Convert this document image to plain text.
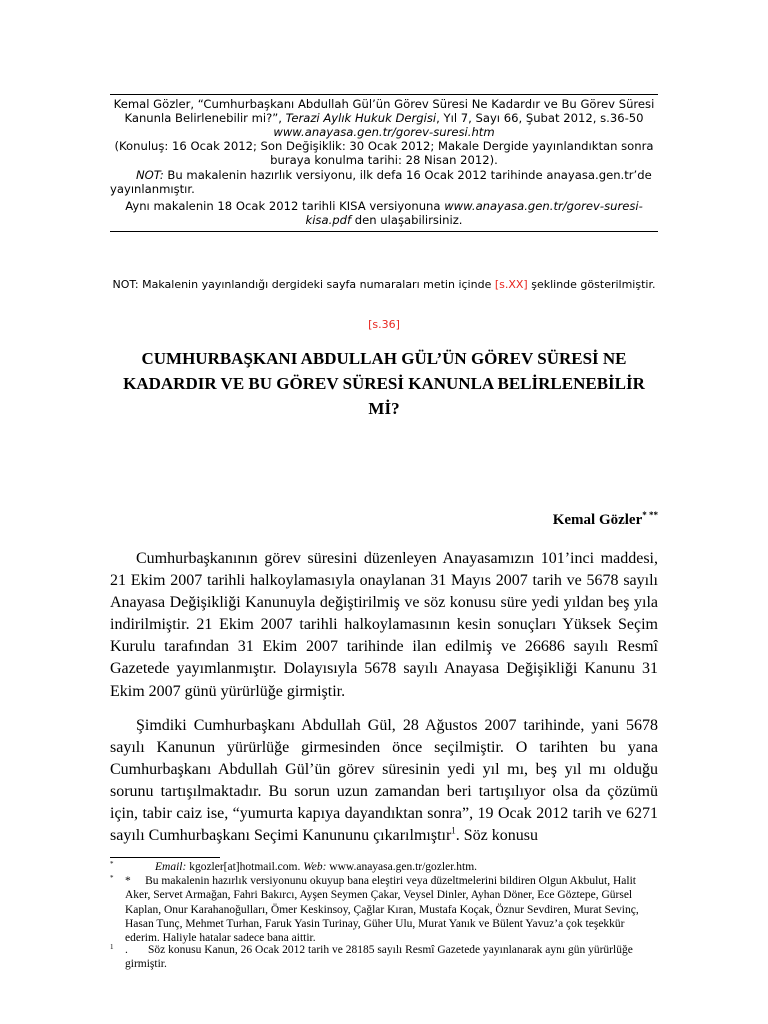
Kemal Gözler, “Cumhurbaşkanı Abdullah Gül’ün Görev Süresi Ne Kadardır ve Bu Görev Süresi Kanunla Belirlenebilir mi?”, Terazi Aylık Hukuk Dergisi, Yıl 7, Sayı 66, Şubat 2012, s.36-50 www.anayasa.gen.tr/gorev-suresi.htm

(Konuluş: 16 Ocak 2012; Son Değişiklik: 30 Ocak 2012; Makale Dergide yayınlandıktan sonra buraya konulma tarihi: 28 Nisan 2012).

NOT: Bu makalenin hazırlık versiyonu, ilk defa 16 Ocak 2012 tarihinde anayasa.gen.tr’de yayınlanmıştır.

Aynı makalenin 18 Ocak 2012 tarihli KISA versiyonuna www.anayasa.gen.tr/gorev-suresi-kisa.pdf den ulaşabilirsiniz.

NOT: Makalenin yayınlandığı dergideki sayfa numaraları metin içinde [s.XX] şeklinde gösterilmiştir.
[s.36]
CUMHURBAŞKANI ABDULLAH GÜL’ÜN GÖREV SÜRESİ NE KADARDIR VE BU GÖREV SÜRESİ KANUNLA BELİRLENEBİLİR Mİ?
Kemal Gözler* **

Cumhurbaşkanının görev süresini düzenleyen Anayasamızın 101’inci maddesi, 21 Ekim 2007 tarihli halkoylamasıyla onaylanan 31 Mayıs 2007 tarih ve 5678 sayılı Anayasa Değişikliği Kanunuyla değiştirilmiş ve söz konusu süre yedi yıldan beş yıla indirilmiştir. 21 Ekim 2007 tarihli halkoylamasının kesin sonuçları Yüksek Seçim Kurulu tarafından 31 Ekim 2007 tarihinde ilan edilmiş ve 26686 sayılı Resmî Gazetede yayımlanmıştır. Dolayısıyla 5678 sayılı Anayasa Değişikliği Kanunu 31 Ekim 2007 günü yürürlüğe girmiştir.

Şimdiki Cumhurbaşkanı Abdullah Gül, 28 Ağustos 2007 tarihinde, yani 5678 sayılı Kanunun yürürlüğe girmesinden önce seçilmiştir. O tarihten bu yana Cumhurbaşkanı Abdullah Gül’ün görev süresinin yedi yıl mı, beş yıl mı olduğu sorunu tartışılmaktadır. Bu sorun uzun zamandan beri tartışılıyor olsa da çözümü için, tabir caiz ise, “yumurta kapıya dayandıktan sonra”, 19 Ocak 2012 tarih ve 6271 sayılı Cumhurbaşkanı Seçimi Kanununu çıkarılmıştır$^1$. Söz konusu

*	Email: kgozler[at]hotmail.com. Web: www.anayasa.gen.tr/gozler.htm.
*	* Bu makalenin hazırlık versiyonunu okuyup bana eleştiri veya düzeltmelerini bildiren Olgun Akbulut, Halit Aker, Servet Armağan, Fahri Bakırcı, Ayşen Seymen Çakar, Veysel Dinler, Ayhan Döner, Ece Göztepe, Gürsel Kaplan, Onur Karahanoğulları, Ömer Keskinsoy, Çağlar Kıran, Mustafa Koçak, Öznur Sevdiren, Murat Sevinç, Hasan Tunç, Mehmet Turhan, Faruk Yasin Turinay, Güher Ulu, Murat Yanık ve Bülent Yavuz’a çok teşekkür ederim. Haliyle hatalar sadece bana aittir.
1	. Söz konusu Kanun, 26 Ocak 2012 tarih ve 28185 sayılı Resmî Gazetede yayınlanarak aynı gün yürürlüğe girmiştir.
